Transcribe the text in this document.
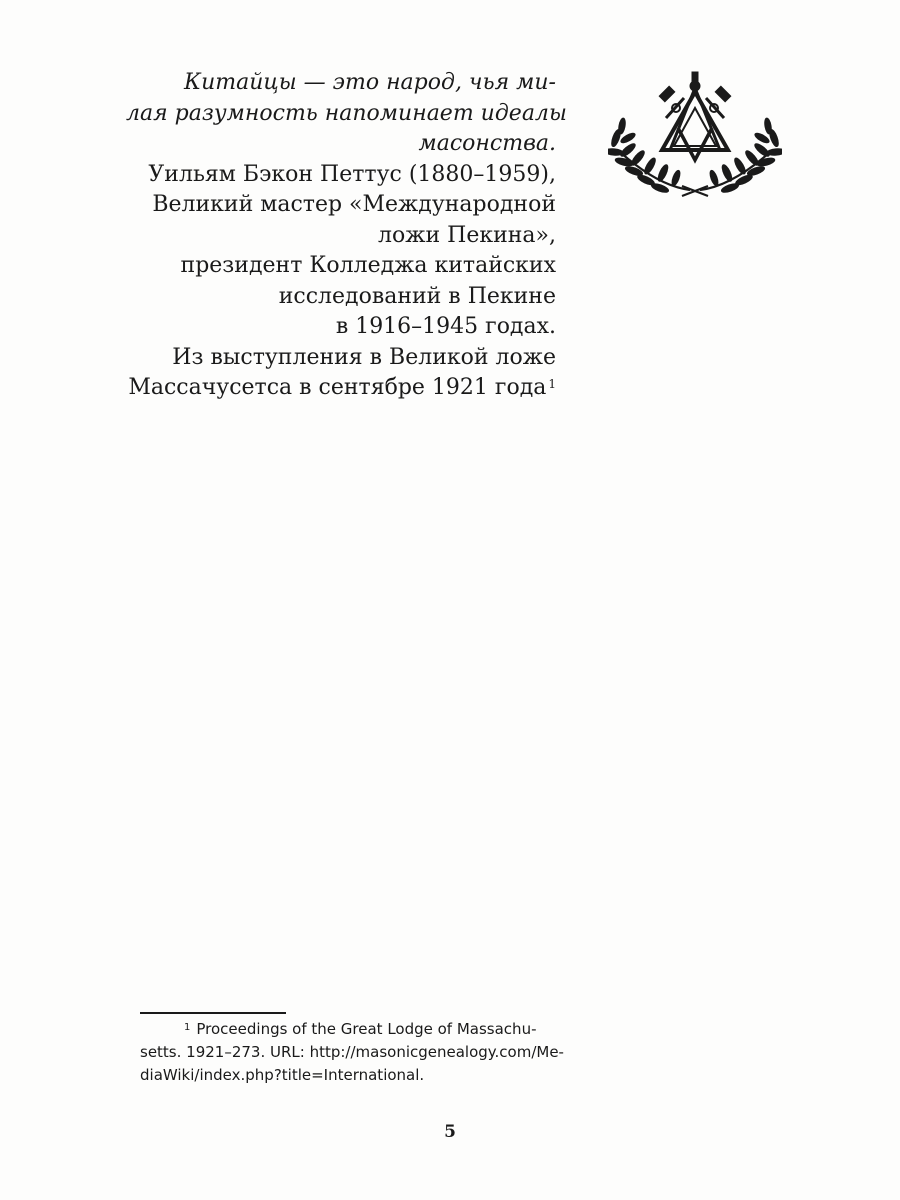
Китайцы — это народ, чья ми-
лая разумность напоминает идеалы
масонства.
Уильям Бэкон Петтус (1880–1959),
Великий мастер «Международной
ложи Пекина»,
президент Колледжа китайских
исследований в Пекине
в 1916–1945 годах.
Из выступления в Великой ложе
Массачусетса в сентябре 1921 года $^1$
$^1$ Proceedings of the Great Lodge of Massachu-
setts. 1921–273. URL: http://masonicgenealogy.com/Me-
diaWiki/index.php?title=International.
5
